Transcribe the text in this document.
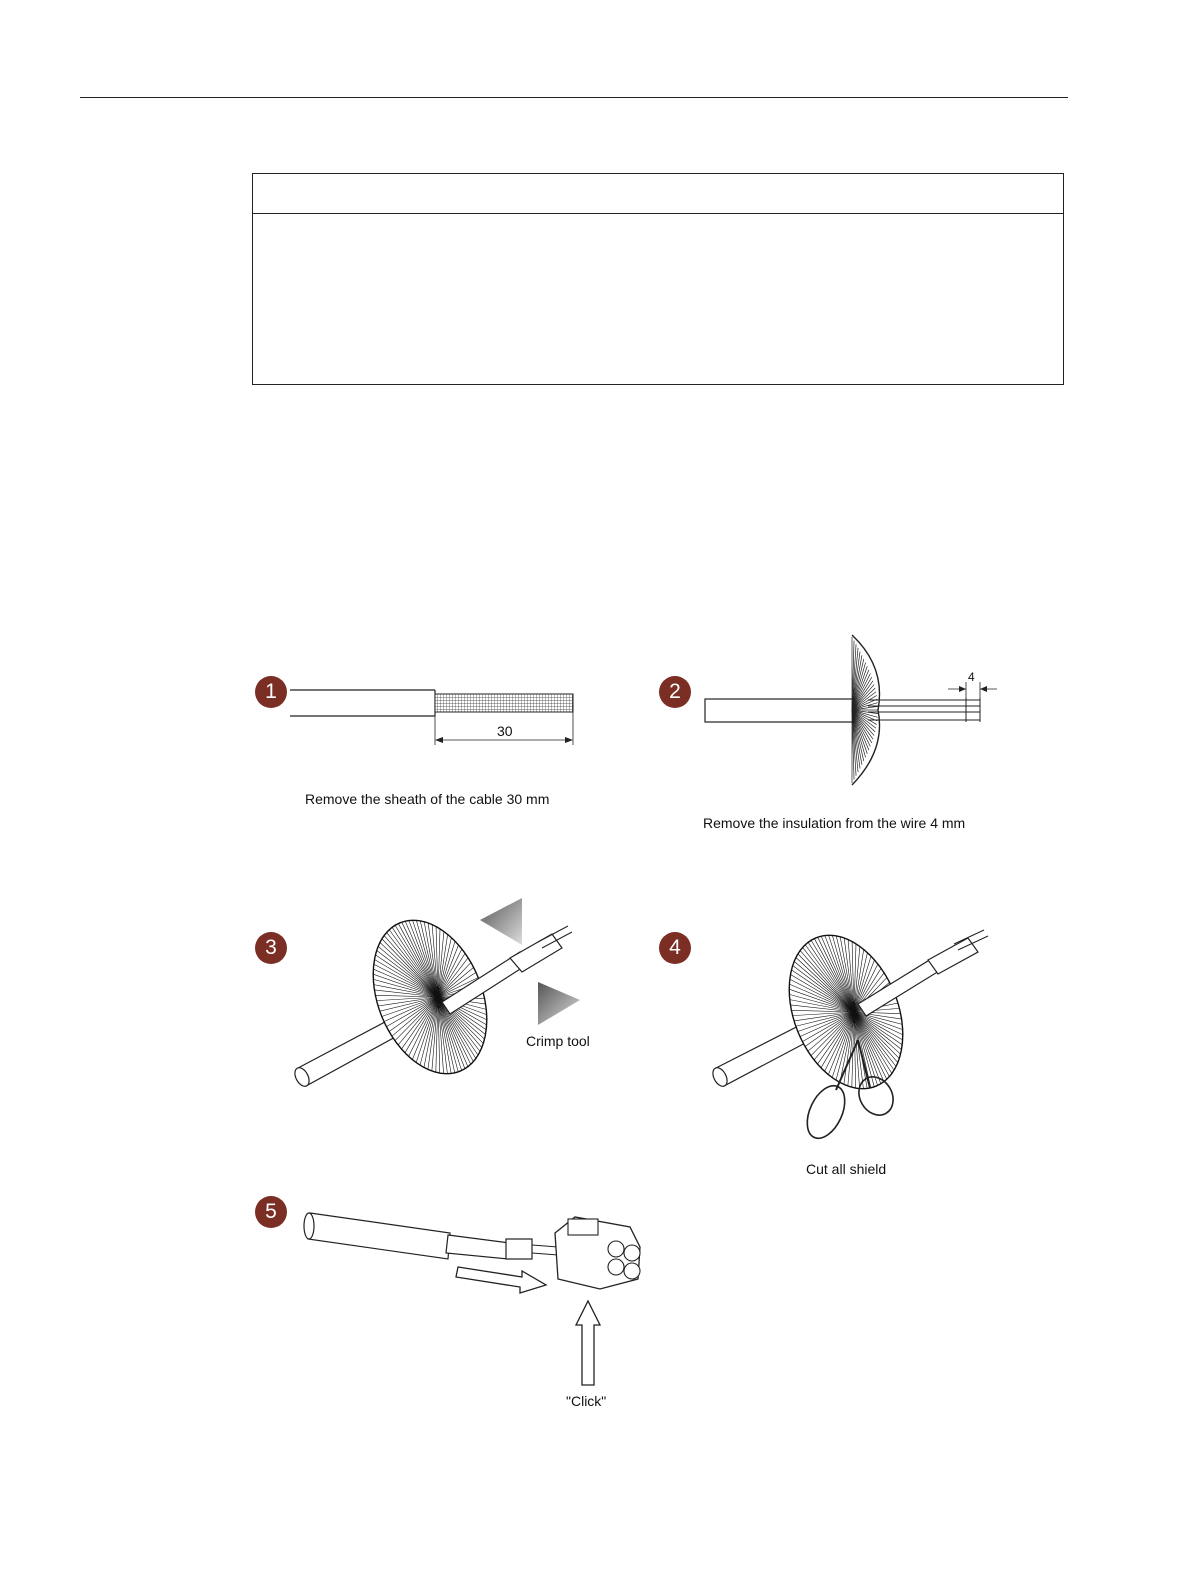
1
30
Remove the sheath of the cable 30 mm
2
4
Remove the insulation from the wire 4 mm
3
Crimp tool
4
Cut all shield
5
"Click"
